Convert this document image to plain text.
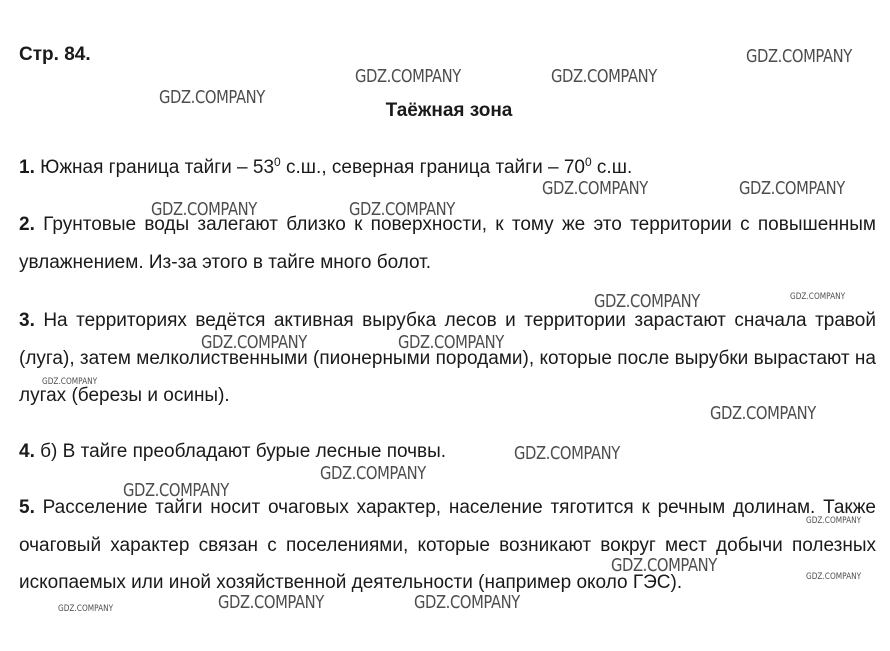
Стр. 84.
Таёжная зона

1. Южная граница тайги – $53^0$ с.ш., северная граница тайги – $70^0$ с.ш.

2. Грунтовые воды залегают близко к поверхности, к тому же это территории с повышенным увлажнением. Из-за этого в тайге много болот.

3. На территориях ведётся активная вырубка лесов и территории зарастают сначала травой (луга), затем мелколиственными (пионерными породами), которые после вырубки вырастают на лугах (березы и осины).

4. б) В тайге преобладают бурые лесные почвы.

5. Расселение тайги носит очаговых характер, население тяготится к речным долинам. Также очаговый характер связан с поселениями, которые возникают вокруг мест добычи полезных ископаемых или иной хозяйственной деятельности (например около ГЭС).

GDZ.COMPANY
GDZ.COMPANY	GDZ.COMPANY
GDZ.COMPANY
GDZ.COMPANY	GDZ.COMPANY
GDZ.COMPANY	GDZ.COMPANY
GDZ.COMPANY	GDZ.COMPANY
GDZ.COMPANY	GDZ.COMPANY
GDZ.COMPANY
GDZ.COMPANY
GDZ.COMPANY
GDZ.COMPANY
GDZ.COMPANY
GDZ.COMPANY
GDZ.COMPANY
GDZ.COMPANY
GDZ.COMPANY	GDZ.COMPANY
GDZ.COMPANY
